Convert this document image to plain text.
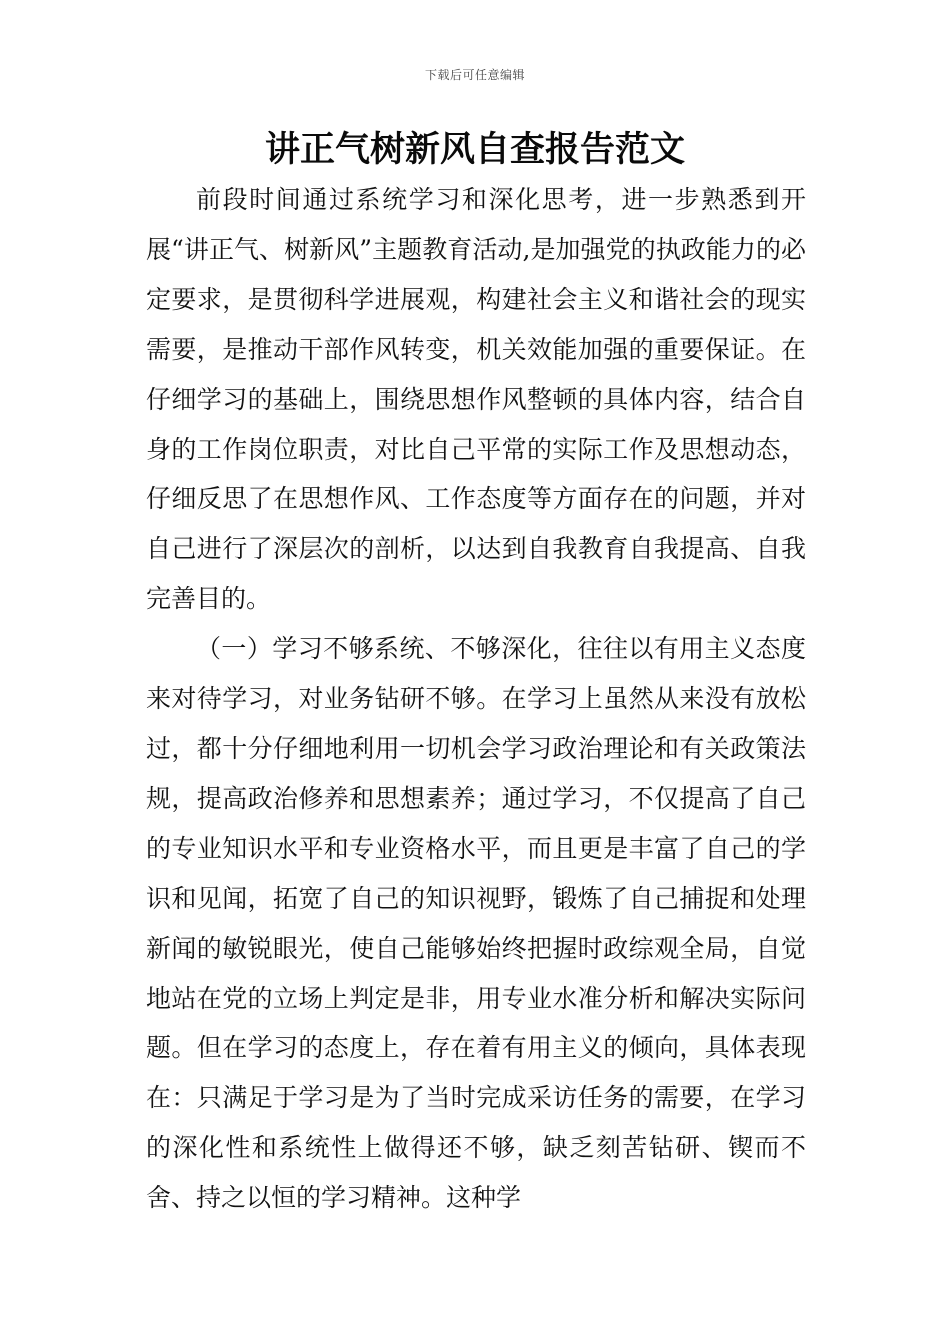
下载后可任意编辑
讲正气树新风自查报告范文

前段时间通过系统学习和深化思考，进一步熟悉到开展“讲正气、树新风”主题教育活动,是加强党的执政能力的必定要求，是贯彻科学进展观，构建社会主义和谐社会的现实需要，是推动干部作风转变，机关效能加强的重要保证。在仔细学习的基础上，围绕思想作风整顿的具体内容，结合自身的工作岗位职责，对比自己平常的实际工作及思想动态，仔细反思了在思想作风、工作态度等方面存在的问题，并对自己进行了深层次的剖析，以达到自我教育自我提高、自我完善目的。

（一）学习不够系统、不够深化，往往以有用主义态度来对待学习，对业务钻研不够。在学习上虽然从来没有放松过，都十分仔细地利用一切机会学习政治理论和有关政策法规，提高政治修养和思想素养；通过学习，不仅提高了自己的专业知识水平和专业资格水平，而且更是丰富了自己的学识和见闻，拓宽了自己的知识视野，锻炼了自己捕捉和处理新闻的敏锐眼光，使自己能够始终把握时政综观全局，自觉地站在党的立场上判定是非，用专业水准分析和解决实际问题。但在学习的态度上，存在着有用主义的倾向，具体表现在：只满足于学习是为了当时完成采访任务的需要，在学习的深化性和系统性上做得还不够，缺乏刻苦钻研、锲而不舍、持之以恒的学习精神。这种学
